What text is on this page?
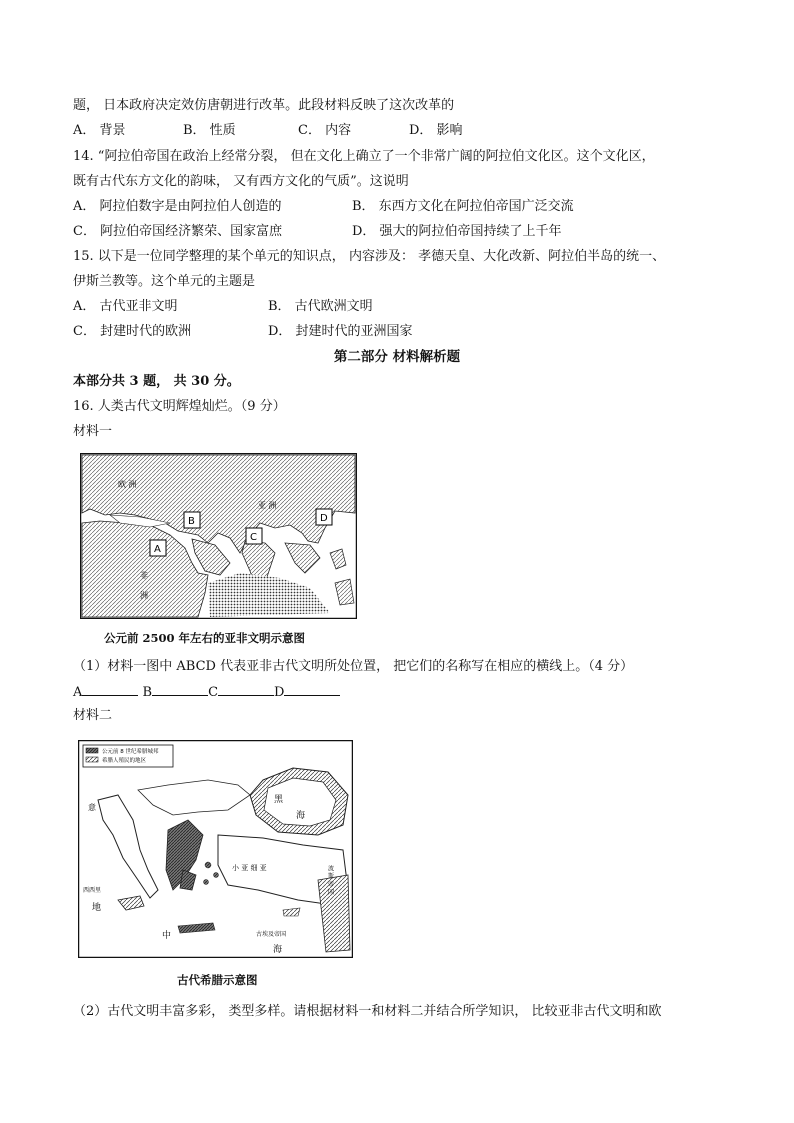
题， 日本政府决定效仿唐朝进行改革。此段材料反映了这次改革的
A． 背景	B． 性质	C． 内容	D． 影响
14. “阿拉伯帝国在政治上经常分裂， 但在文化上确立了一个非常广阔的阿拉伯文化区。这个文化区，
既有古代东方文化的韵味， 又有西方文化的气质”。这说明
A． 阿拉伯数字是由阿拉伯人创造的	B． 东西方文化在阿拉伯帝国广泛交流
C． 阿拉伯帝国经济繁荣、国家富庶	D． 强大的阿拉伯帝国持续了上千年
15. 以下是一位同学整理的某个单元的知识点， 内容涉及： 孝德天皇、大化改新、阿拉伯半岛的统一、
伊斯兰教等。这个单元的主题是
A． 古代亚非文明	B． 古代欧洲文明
C． 封建时代的欧洲	D． 封建时代的亚洲国家
第二部分 材料解析题
本部分共 3 题， 共 30 分。
16. 人类古代文明辉煌灿烂。（9 分）
材料一
欧 洲
亚 洲
非
洲
A
B
C
D
公元前 2500 年左右的亚非文明示意图
（1）材料一图中 ABCD 代表亚非古代文明所处位置， 把它们的名称写在相应的横线上。（4 分）
A	B	C	D
材料二
公元前 8 世纪希腊城邦
希腊人殖民的地区
黑
海
小 亚 细 亚	波 斯 帝 国
西西里
意
地
中
海
古埃及帝国
古代希腊示意图
（2）古代文明丰富多彩， 类型多样。请根据材料一和材料二并结合所学知识， 比较亚非古代文明和欧
